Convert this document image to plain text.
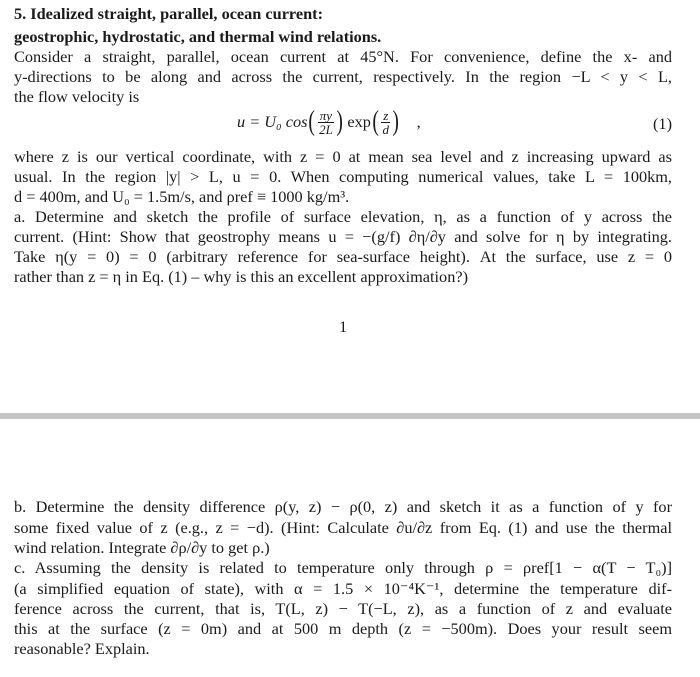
5. Idealized straight, parallel, ocean current:
geostrophic, hydrostatic, and thermal wind relations.
Consider a straight, parallel, ocean current at 45°N. For convenience, define the x- and
y-directions to be along and across the current, respectively. In the region −L < y < L,
the flow velocity is
u = U₀ cos ( $\frac{\pi y}{2L}$ ) exp ( $\frac{z}{d}$ ) ,	(1)
where z is our vertical coordinate, with z = 0 at mean sea level and z increasing upward as
usual. In the region |y| > L, u = 0. When computing numerical values, take L = 100km,
d = 400m, and U₀ = 1.5m/s, and ρref ≡ 1000 kg/m³.
a. Determine and sketch the profile of surface elevation, η, as a function of y across the
current. (Hint: Show that geostrophy means u = −(g/f) ∂η/∂y and solve for η by integrating.
Take η(y = 0) = 0 (arbitrary reference for sea-surface height). At the surface, use z = 0
rather than z = η in Eq. (1) – why is this an excellent approximation?)
1
b. Determine the density difference ρ(y, z) − ρ(0, z) and sketch it as a function of y for
some fixed value of z (e.g., z = −d). (Hint: Calculate ∂u/∂z from Eq. (1) and use the thermal
wind relation. Integrate ∂ρ/∂y to get ρ.)
c. Assuming the density is related to temperature only through ρ = ρref[1 − α(T − T₀)]
(a simplified equation of state), with α = 1.5 × 10⁻⁴K⁻¹, determine the temperature dif-
ference across the current, that is, T(L, z) − T(−L, z), as a function of z and evaluate
this at the surface (z = 0m) and at 500 m depth (z = −500m). Does your result seem
reasonable? Explain.
